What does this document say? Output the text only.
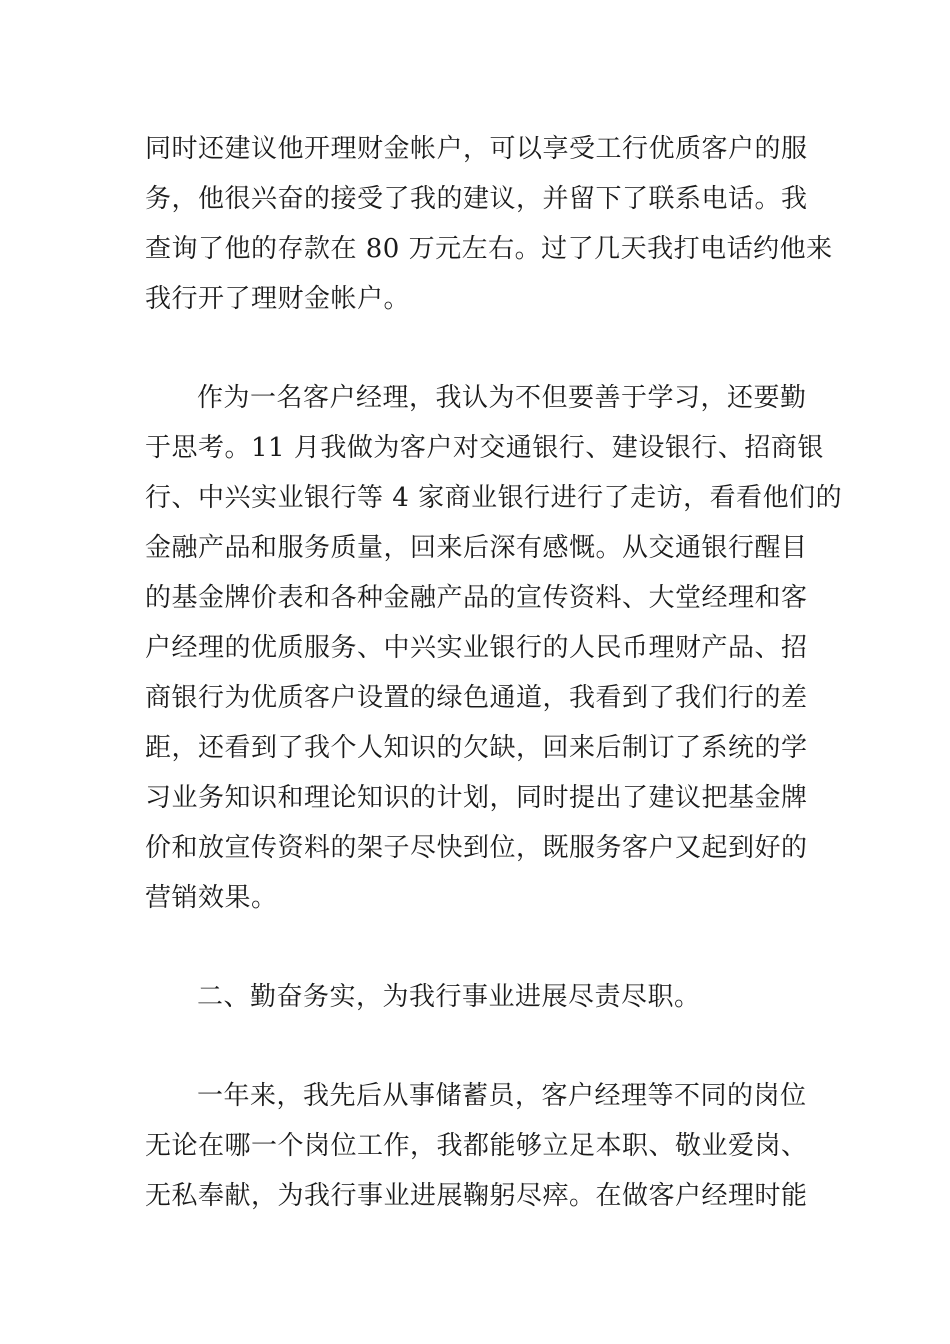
同时还建议他开理财金帐户，可以享受工行优质客户的服
务，他很兴奋的接受了我的建议，并留下了联系电话。我
查询了他的存款在 80 万元左右。过了几天我打电话约他来
我行开了理财金帐户。
作为一名客户经理，我认为不但要善于学习，还要勤
于思考。11 月我做为客户对交通银行、建设银行、招商银
行、中兴实业银行等 4 家商业银行进行了走访，看看他们的
金融产品和服务质量，回来后深有感慨。从交通银行醒目
的基金牌价表和各种金融产品的宣传资料、大堂经理和客
户经理的优质服务、中兴实业银行的人民币理财产品、招
商银行为优质客户设置的绿色通道，我看到了我们行的差
距，还看到了我个人知识的欠缺，回来后制订了系统的学
习业务知识和理论知识的计划，同时提出了建议把基金牌
价和放宣传资料的架子尽快到位，既服务客户又起到好的
营销效果。
二、勤奋务实，为我行事业进展尽责尽职。
一年来，我先后从事储蓄员，客户经理等不同的岗位
无论在哪一个岗位工作，我都能够立足本职、敬业爱岗、
无私奉献，为我行事业进展鞠躬尽瘁。在做客户经理时能
